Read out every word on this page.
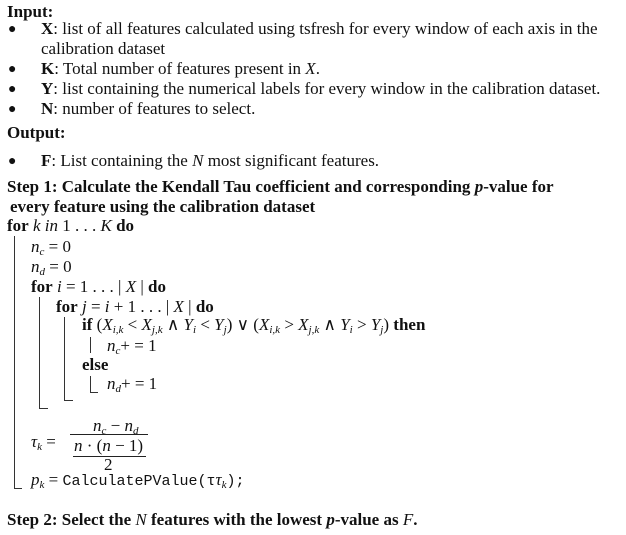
Input:
● X: list of all features calculated using tsfresh for every window of each axis in the
calibration dataset
● K: Total number of features present in X.
● Y: list containing the numerical labels for every window in the calibration dataset.
● N: number of features to select.
Output:
● F: List containing the N most significant features.
Step 1: Calculate the Kendall Tau coefficient and corresponding p-value for
every feature using the calibration dataset
for k in 1 . . . K do
$n_c = 0$
$n_d = 0$
for i = 1 . . . | X | do
for j = i + 1 . . . | X | do
if ($X_{i,k} < X_{j,k}$ ∧ $Y_i < Y_j$) ∨ ($X_{i,k} > X_{j,k}$ ∧ $Y_i > Y_j$) then
$n_c+ = 1$
else
$n_d+ = 1$
$\tau_k$ =
$n_c - n_d$
n · (n − 1)
2
$p_k$ = $CalculatePValue(\tau\tau_k)$;
Step 2: Select the N features with the lowest p-value as F.
